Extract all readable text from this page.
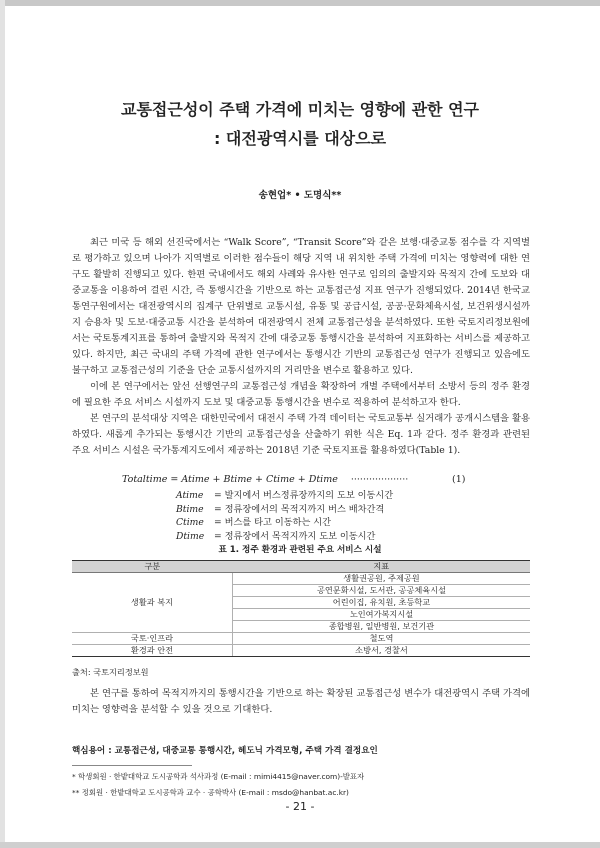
교통접근성이 주택 가격에 미치는 영향에 관한 연구
: 대전광역시를 대상으로
송현업* • 도명식**

최근 미국 등 해외 선진국에서는 “Walk Score”, “Transit Score”와 같은 보행·대중교통 점수를 각 지역별로 평가하고 있으며 나아가 지역별로 이러한 점수들이 해당 지역 내 위치한 주택 가격에 미치는 영향력에 대한 연구도 활발히 진행되고 있다. 한편 국내에서도 해외 사례와 유사한 연구로 임의의 출발지와 목적지 간에 도보와 대중교통을 이용하여 걸린 시간, 즉 통행시간을 기반으로 하는 교통접근성 지표 연구가 진행되었다. 2014년 한국교통연구원에서는 대전광역시의 집계구 단위별로 교통시설, 유통 및 공급시설, 공공·문화체육시설, 보건위생시설까지 승용차 및 도보·대중교통 시간을 분석하여 대전광역시 전체 교통접근성을 분석하였다. 또한 국토지리정보원에서는 국토통계지표를 통하여 출발지와 목적지 간에 대중교통 통행시간을 분석하여 지표화하는 서비스를 제공하고 있다. 하지만, 최근 국내의 주택 가격에 관한 연구에서는 통행시간 기반의 교통접근성 연구가 진행되고 있음에도 불구하고 교통접근성의 기준을 단순 교통시설까지의 거리만을 변수로 활용하고 있다.

이에 본 연구에서는 앞선 선행연구의 교통접근성 개념을 확장하여 개별 주택에서부터 소방서 등의 정주 환경에 필요한 주요 서비스 시설까지 도보 및 대중교통 통행시간을 변수로 적용하여 분석하고자 한다.

본 연구의 분석대상 지역은 대한민국에서 대전시 주택 가격 데이터는 국토교통부 실거래가 공개시스템을 활용하였다. 새롭게 추가되는 통행시간 기반의 교통접근성을 산출하기 위한 식은 Eq. 1과 같다. 정주 환경과 관련된 주요 서비스 시설은 국가통계지도에서 제공하는 2018년 기준 국토지표를 활용하였다(Table 1).

Totaltime = Atime + Btime + Ctime + Dtime ···················	(1)
Atime = 발지에서 버스정류장까지의 도보 이동시간
Btime = 정류장에서의 목적지까지 버스 배차간격
Ctime = 버스를 타고 이동하는 시간
Dtime = 정류장에서 목적지까지 도보 이동시간
표 1. 정주 환경과 관련된 주요 서비스 시설
구분	지표
생활과 복지	생활권공원, 주제공원
	공연문화시설, 도서관, 공공체육시설
	어린이집, 유치원, 초등학교
	노인여가복지시설
	종합병원, 일반병원, 보건기관
국토·인프라	철도역
환경과 안전	소방서, 경찰서
출처: 국토지리정보원

본 연구를 통하여 목적지까지의 통행시간을 기반으로 하는 확장된 교통접근성 변수가 대전광역시 주택 가격에 미치는 영향력을 분석할 수 있을 것으로 기대한다.

핵심용어 : 교통접근성, 대중교통 통행시간, 헤도닉 가격모형, 주택 가격 결정요인
* 학생회원 · 한밭대학교 도시공학과 석사과정 (E-mail : mimi4415@naver.com)-발표자
** 정회원 · 한밭대학교 도시공학과 교수 · 공학박사 (E-mail : msdo@hanbat.ac.kr)
- 21 -
